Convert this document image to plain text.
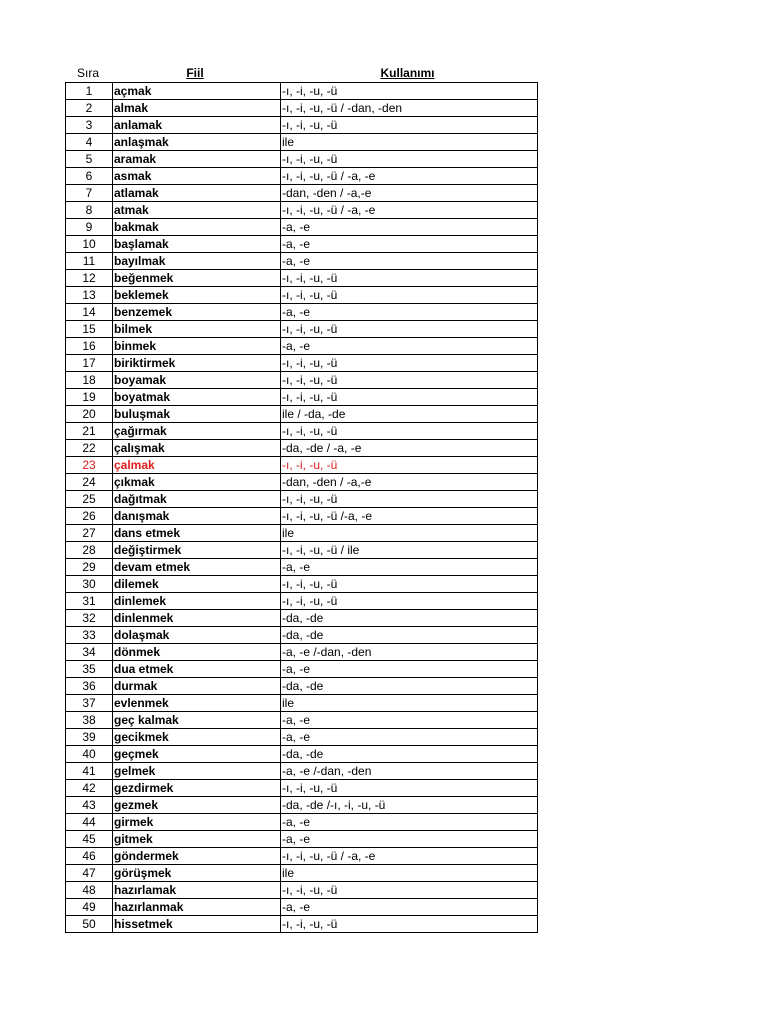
Sıra	Fiil	Kullanımı
1	açmak	-ı, -i, -u, -ü
2	almak	-ı, -i, -u, -ü / -dan, -den
3	anlamak	-ı, -i, -u, -ü
4	anlaşmak	ile
5	aramak	-ı, -i, -u, -ü
6	asmak	-ı, -i, -u, -ü / -a, -e
7	atlamak	-dan, -den / -a,-e
8	atmak	-ı, -i, -u, -ü / -a, -e
9	bakmak	-a, -e
10	başlamak	-a, -e
11	bayılmak	-a, -e
12	beğenmek	-ı, -i, -u, -ü
13	beklemek	-ı, -i, -u, -ü
14	benzemek	-a, -e
15	bilmek	-ı, -i, -u, -ü
16	binmek	-a, -e
17	biriktirmek	-ı, -i, -u, -ü
18	boyamak	-ı, -i, -u, -ü
19	boyatmak	-ı, -i, -u, -ü
20	buluşmak	ile / -da, -de
21	çağırmak	-ı, -i, -u, -ü
22	çalışmak	-da, -de / -a, -e
23	çalmak	-ı, -i, -u, -ü
24	çıkmak	-dan, -den / -a,-e
25	dağıtmak	-ı, -i, -u, -ü
26	danışmak	-ı, -i, -u, -ü /-a, -e
27	dans etmek	ile
28	değiştirmek	-ı, -i, -u, -ü / ile
29	devam etmek	-a, -e
30	dilemek	-ı, -i, -u, -ü
31	dinlemek	-ı, -i, -u, -ü
32	dinlenmek	-da, -de
33	dolaşmak	-da, -de
34	dönmek	-a, -e /-dan, -den
35	dua etmek	-a, -e
36	durmak	-da, -de
37	evlenmek	ile
38	geç kalmak	-a, -e
39	gecikmek	-a, -e
40	geçmek	-da, -de
41	gelmek	-a, -e /-dan, -den
42	gezdirmek	-ı, -i, -u, -ü
43	gezmek	-da, -de /-ı, -i, -u, -ü
44	girmek	-a, -e
45	gitmek	-a, -e
46	göndermek	-ı, -i, -u, -ü / -a, -e
47	görüşmek	ile
48	hazırlamak	-ı, -i, -u, -ü
49	hazırlanmak	-a, -e
50	hissetmek	-ı, -i, -u, -ü
